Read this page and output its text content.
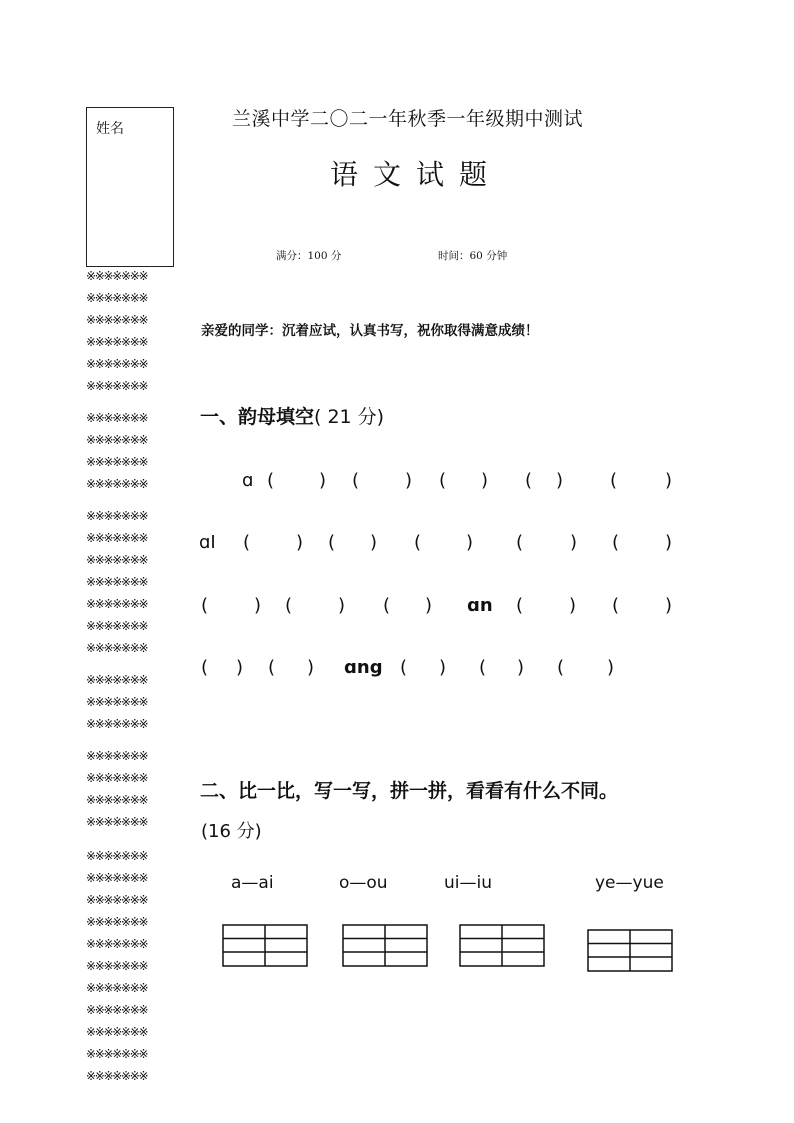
姓名
※※※※※※※
※※※※※※※
※※※※※※※
※※※※※※※
※※※※※※※
※※※※※※※
※※※※※※※
※※※※※※※
※※※※※※※
※※※※※※※
※※※※※※※
※※※※※※※
※※※※※※※
※※※※※※※
※※※※※※※
※※※※※※※
※※※※※※※
※※※※※※※
※※※※※※※
※※※※※※※
※※※※※※※
※※※※※※※
※※※※※※※
※※※※※※※
※※※※※※※
※※※※※※※
※※※※※※※
※※※※※※※
※※※※※※※
※※※※※※※
※※※※※※※
※※※※※※※
※※※※※※※
※※※※※※※
※※※※※※※
兰溪中学二〇二一年秋季一年级期中测试
语文试题
满分：100 分	时间：60 分钟
亲爱的同学：沉着应试，认真书写，祝你取得满意成绩！
一、韵母填空( 21 分)
ɑ ( ) (	) ( ) ( )	(	)
ɑI (	) ( ) ( ) (	) (	)
(	) (	) ( ) ɑn (	) (	)
( ) ( ) ɑng ( ) ( ) ( )
二、比一比，写一写，拼一拼，看看有什么不同。
(16 分)
a—ai	o—ou	ui—iu	ye—yue
